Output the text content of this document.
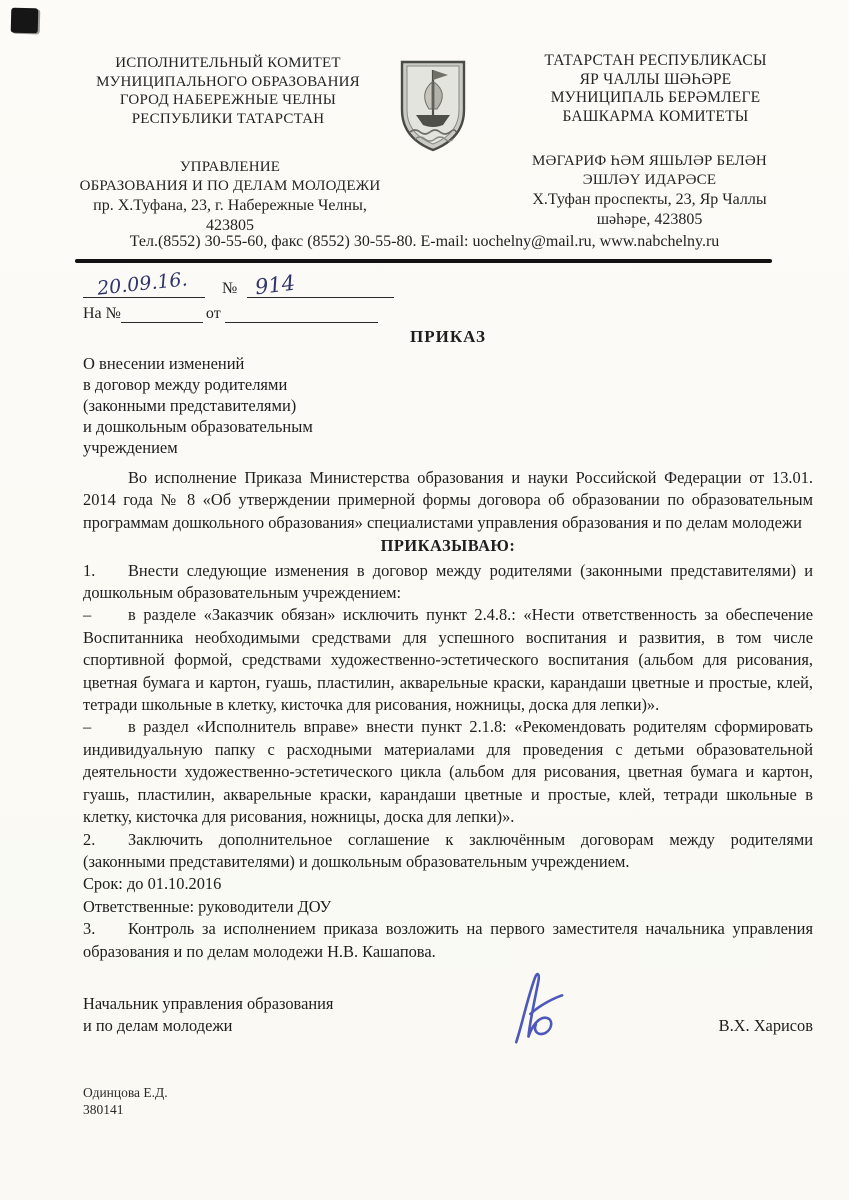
ИСПОЛНИТЕЛЬНЫЙ КОМИТЕТ
МУНИЦИПАЛЬНОГО ОБРАЗОВАНИЯ
ГОРОД НАБЕРЕЖНЫЕ ЧЕЛНЫ
РЕСПУБЛИКИ ТАТАРСТАН
ТАТАРСТАН РЕСПУБЛИКАСЫ
ЯР ЧАЛЛЫ ШӘҺӘРЕ
МУНИЦИПАЛЬ БЕРӘМЛЕГЕ
БАШКАРМА КОМИТЕТЫ
УПРАВЛЕНИЕ
ОБРАЗОВАНИЯ И ПО ДЕЛАМ МОЛОДЕЖИ
пр. Х.Туфана, 23, г. Набережные Челны,
423805
МӘГАРИФ ҺӘМ ЯШЬЛӘР БЕЛӘН
ЭШЛӘҮ ИДАРӘСЕ
Х.Туфан проспекты, 23, Яр Чаллы
шәһәре, 423805
Тел.(8552) 30-55-60, факс (8552) 30-55-80. E-mail: uochelny@mail.ru, www.nabchelny.ru
20.09.16. № 914
На №	от
ПРИКАЗ
О внесении изменений
в договор между родителями
(законными представителями)
и дошкольным образовательным
учреждением

Во исполнение Приказа Министерства образования и науки Российской Федерации от 13.01. 2014 года № 8 «Об утверждении примерной формы договора об образовании по образовательным программам дошкольного образования» специалистами управления образования и по делам молодежи

ПРИКАЗЫВАЮ:

1. Внести следующие изменения в договор между родителями (законными представителями) и дошкольным образовательным учреждением:

– в разделе «Заказчик обязан» исключить пункт 2.4.8.: «Нести ответственность за обеспечение Воспитанника необходимыми средствами для успешного воспитания и развития, в том числе спортивной формой, средствами художественно-эстетического воспитания (альбом для рисования, цветная бумага и картон, гуашь, пластилин, акварельные краски, карандаши цветные и простые, клей, тетради школьные в клетку, кисточка для рисования, ножницы, доска для лепки)».

– в раздел «Исполнитель вправе» внести пункт 2.1.8: «Рекомендовать родителям сформировать индивидуальную папку с расходными материалами для проведения с детьми образовательной деятельности художественно-эстетического цикла (альбом для рисования, цветная бумага и картон, гуашь, пластилин, акварельные краски, карандаши цветные и простые, клей, тетради школьные в клетку, кисточка для рисования, ножницы, доска для лепки)».

2. Заключить дополнительное соглашение к заключённым договорам между родителями (законными представителями) и дошкольным образовательным учреждением.

Срок: до 01.10.2016
Ответственные: руководители ДОУ

3. Контроль за исполнением приказа возложить на первого заместителя начальника управления образования и по делам молодежи Н.В. Кашапова.

Начальник управления образования
и по делам молодежи	В.Х. Харисов
Одинцова Е.Д.
380141
